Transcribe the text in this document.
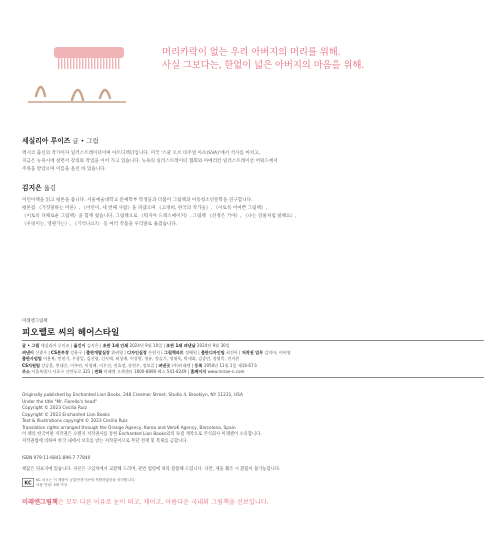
머리카락이 없는 우리 아버지의 머리를 위해.
사실 그보다는, 한없이 넓은 아버지의 마음을 위해.
세실리아 루이즈 글 • 그림
멕시코 출신의 작가이자 일러스트레이터이며 아트디렉터입니다. 미국 '스쿨 오브 비주얼 아츠(SVA)'에서 석사를 마치고,
지금은 뉴욕시에 살면서 강의와 작업을 이어 가고 있습니다. 뉴욕의 일러스트레이터 협회와 아메리칸 일러스트레이션 어워드에서
주목을 받았으며 이름을 올린 바 있습니다.
김지은 옮김
어린이책을 읽고 평론을 씁니다. 서울예술대학교 문예학부 학생들과 더불어 그림책과 아동청소년문학을 연구합니다.
평론집 《거짓말하는 어른》, 《어린이, 세 번째 사람》을 펴냈으며 《고정희, 한국의 작가들》, 《이토록 어여쁜 그림책》,
《이토록 다채로운 그림책》을 함께 썼습니다. 그림책으로 《뭐지아 드래스메이커》, 그림책 《선정은 거야》, 《나는 강물처럼 말해요》,
《우엉이는, 영원가는》, 《기억나요?》 등 여러 작품을 우리말로 옮겼습니다.
미래엔그림책
피오렐로 씨의 헤어스타일
글 • 그림 세실리아 루이즈 | 옮긴이 김지은 | 초판 1쇄 인쇄 2024년 9월 10일 | 초판 1쇄 펴낸날 2024년 9월 30일
펴낸이 신광수 | CS본부장 강윤구 | 출판개발실장 위귀영 | 디자인실장 손현지 | 그림책파트 정혜원 | 출판디자인팀 최진아 | 저작권 업무 김미아, 이아영
출판사업팀 이용복, 민현기, 우광일, 김선영, 신지애, 허성배, 이강원, 정유, 정슬기, 정재욱, 박세화, 김종민, 정영묵, 전지현
CS지원팀 강승훈, 봉대중, 이주연, 이형배, 이우진, 전효정, 장현우, 정보길 | 펴낸곳 (주)미래엔 | 등록 1950년 11월 1일 제16-67호
주소 서울특별시 서초구 신반포로 321 | 전화 미래엔 고객센터 1800-8890 팩스 541-8249 | 홈페이지 www.mirae-n.com
Originally published by Enchanted Lion Books, 248 Creamer Street, Studio 4, Brooklyn, NY 11231, USA
Under the title "Mr. Fiorello's head"
Copyright © 2023 Cecilia Ruiz
Copyright © 2023 Enchanted Lion Books
Text & Illustrations copyright © 2023 Cecilia Ruiz
Translation rights arranged through the Orange Agency, Korea and VeroK Agency, Barcelona, Spain
이 책의 한국어판 저작권은 오렌지 저작권사를 통한 Enchanted Lion Books와의 독점 계약으로 주식회사 미래엔이 소유합니다.
저작권법에 의하여 한국 내에서 보호를 받는 저작물이므로 무단 전재 및 복제를 금합니다.
ISBN 979-11-6841-896-7 77840
책값은 뒤표지에 있습니다. 파본은 구입처에서 교환해 드리며, 관련 법령에 따라 환불해 드립니다. 다만, 제품 훼손 시 환불이 불가능합니다.
KC
KC 마크는 이 제품이 공통안전기준에 적합하였음을 의미합니다.
사용 연령: 3세 이상
미래엔그림책은 모두 다른 이유로 눈이 떠고, 채이고, 아름다운 국내외 그림책을 선보입니다.
